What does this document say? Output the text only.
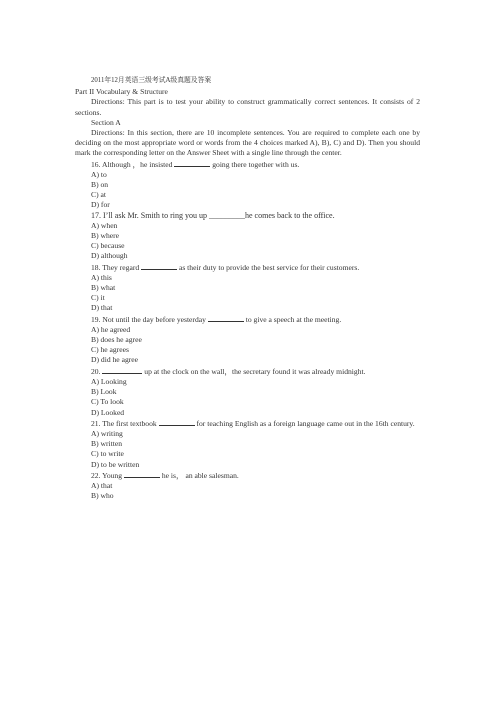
2011年12月英语三级考试A级真题及答案

Part II Vocabulary & Structure

Directions: This part is to test your ability to construct grammatically correct sentences. It consists of 2 sections.

Section A

Directions: In this section, there are 10 incomplete sentences. You are required to complete each one by deciding on the most appropriate word or words from the 4 choices marked A), B), C) and D). Then you should mark the corresponding letter on the Answer Sheet with a single line through the center.

16. Although ，he insisted	going there together with us.

A) to

B) on

C) at

D) for

17. I’ll ask Mr. Smith to ring you up _________he comes back to the office.

A) when

B) where

C) because

D) although

18. They regard	as their duty to provide the best service for their customers.

A) this

B) what

C) it

D) that

19. Not until the day before yesterday	to give a speech at the meeting.

A) he agreed

B) does he agree

C) he agrees

D) did he agree

20.	up at the clock on the wall，the secretary found it was already midnight.

A) Looking

B) Look

C) To look

D) Looked

21. The first textbook	for teaching English as a foreign language came out in the 16th century.

A) writing

B) written

C) to write

D) to be written

22. Young	he is， an able salesman.

A) that

B) who
